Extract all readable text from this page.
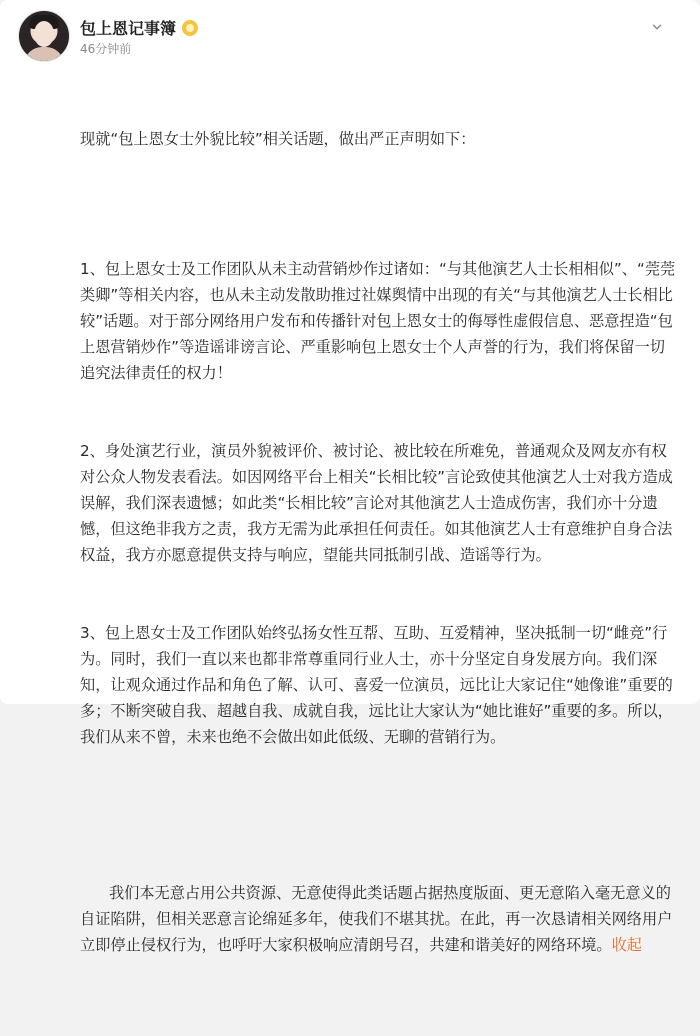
包上恩记事簿
46分钟前

现就“包上恩女士外貌比较”相关话题，做出严正声明如下：

1、包上恩女士及工作团队从未主动营销炒作过诸如：“与其他演艺人士长相相似”、“莞莞类卿”等相关内容，也从未主动发散助推过社媒舆情中出现的有关“与其他演艺人士长相比较”话题。对于部分网络用户发布和传播针对包上恩女士的侮辱性虚假信息、恶意捏造“包上恩营销炒作”等造谣诽谤言论、严重影响包上恩女士个人声誉的行为，我们将保留一切追究法律责任的权力！

2、身处演艺行业，演员外貌被评价、被讨论、被比较在所难免，普通观众及网友亦有权对公众人物发表看法。如因网络平台上相关“长相比较”言论致使其他演艺人士对我方造成误解，我们深表遗憾；如此类“长相比较”言论对其他演艺人士造成伤害，我们亦十分遗憾，但这绝非我方之责，我方无需为此承担任何责任。如其他演艺人士有意维护自身合法权益，我方亦愿意提供支持与响应，望能共同抵制引战、造谣等行为。

3、包上恩女士及工作团队始终弘扬女性互帮、互助、互爱精神，坚决抵制一切“雌竞”行为。同时，我们一直以来也都非常尊重同行业人士，亦十分坚定自身发展方向。我们深知，让观众通过作品和角色了解、认可、喜爱一位演员，远比让大家记住“她像谁”重要的多；不断突破自我、超越自我、成就自我，远比让大家认为“她比谁好”重要的多。所以，我们从来不曾，未来也绝不会做出如此低级、无聊的营销行为。

我们本无意占用公共资源、无意使得此类话题占据热度版面、更无意陷入毫无意义的自证陷阱，但相关恶意言论绵延多年，使我们不堪其扰。在此，再一次恳请相关网络用户立即停止侵权行为，也呼吁大家积极响应清朗号召，共建和谐美好的网络环境。收起
